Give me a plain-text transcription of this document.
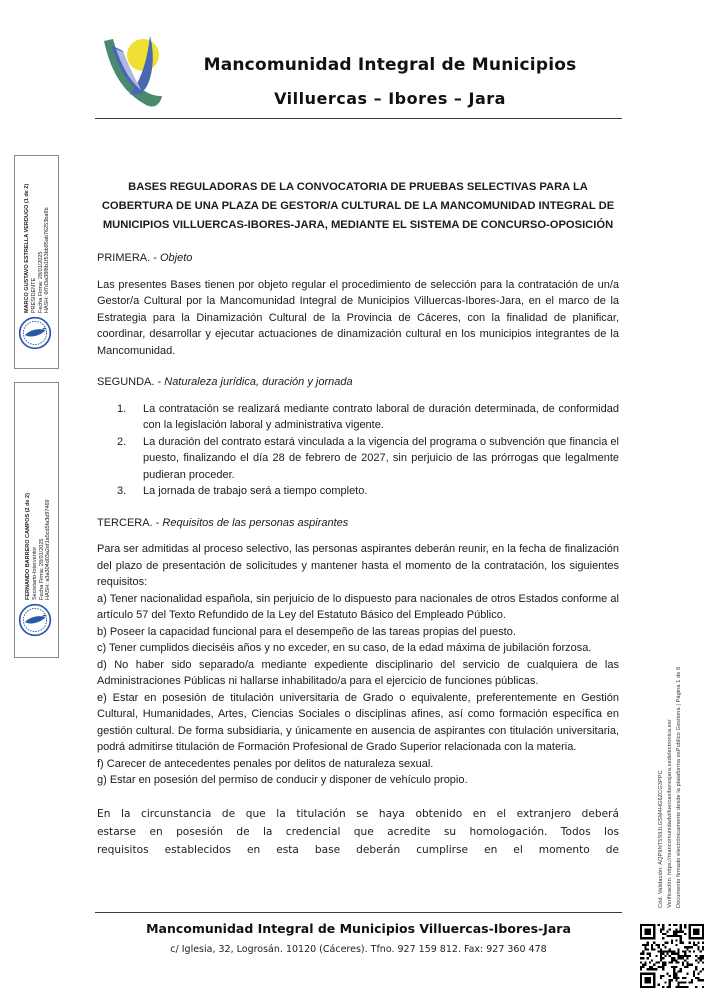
Mancomunidad Integral de Municipios
Villuercas – Ibores – Jara
MARCO GUSTAVO ESTRELLA VERDUGO (1 de 2) PRESIDENTE Fecha Firma: 28/01/2025 HASH: 6f7d3a38f8b1f53bb95ab76253ba9b
FERNANDO BARRERO CAMPOS (2 de 2) Secretario-Interventor Fecha Firma: 28/01/2025 HASH: a3a304d03a2ef1a5cd5fa3d97469
BASES REGULADORAS DE LA CONVOCATORIA DE PRUEBAS SELECTIVAS PARA LA COBERTURA DE UNA PLAZA DE GESTOR/A CULTURAL DE LA MANCOMUNIDAD INTEGRAL DE MUNICIPIOS VILLUERCAS-IBORES-JARA, MEDIANTE EL SISTEMA DE CONCURSO-OPOSICIÓN
PRIMERA. - Objeto
Las presentes Bases tienen por objeto regular el procedimiento de selección para la contratación de un/a Gestor/a Cultural por la Mancomunidad Integral de Municipios Villuercas-Ibores-Jara, en el marco de la Estrategia para la Dinamización Cultural de la Provincia de Cáceres, con la finalidad de planificar, coordinar, desarrollar y ejecutar actuaciones de dinamización cultural en los municipios integrantes de la Mancomunidad.
SEGUNDA. - Naturaleza jurídica, duración y jornada
1.	La contratación se realizará mediante contrato laboral de duración determinada, de conformidad con la legislación laboral y administrativa vigente.
2.	La duración del contrato estará vinculada a la vigencia del programa o subvención que financia el puesto, finalizando el día 28 de febrero de 2027, sin perjuicio de las prórrogas que legalmente pudieran proceder.
3.	La jornada de trabajo será a tiempo completo.
TERCERA. - Requisitos de las personas aspirantes
Para ser admitidas al proceso selectivo, las personas aspirantes deberán reunir, en la fecha de finalización del plazo de presentación de solicitudes y mantener hasta el momento de la contratación, los siguientes requisitos:

a) Tener nacionalidad española, sin perjuicio de lo dispuesto para nacionales de otros Estados conforme al artículo 57 del Texto Refundido de la Ley del Estatuto Básico del Empleado Público.

b) Poseer la capacidad funcional para el desempeño de las tareas propias del puesto.

c) Tener cumplidos dieciséis años y no exceder, en su caso, de la edad máxima de jubilación forzosa.

d) No haber sido separado/a mediante expediente disciplinario del servicio de cualquiera de las Administraciones Públicas ni hallarse inhabilitado/a para el ejercicio de funciones públicas.

e) Estar en posesión de titulación universitaria de Grado o equivalente, preferentemente en Gestión Cultural, Humanidades, Artes, Ciencias Sociales o disciplinas afines, así como formación específica en gestión cultural. De forma subsidiaria, y únicamente en ausencia de aspirantes con titulación universitaria, podrá admitirse titulación de Formación Profesional de Grado Superior relacionada con la materia.

f) Carecer de antecedentes penales por delitos de naturaleza sexual.

g) Estar en posesión del permiso de conducir y disponer de vehículo propio.

En la circunstancia de que la titulación se haya obtenido en el extranjero deberá
estarse en posesión de la credencial que acredite su homologación. Todos los
requisitos establecidos en esta base deberán cumplirse en el momento de
Mancomunidad Integral de Municipios Villuercas-Ibores-Jara
c/ Iglesia, 32, Logrosán. 10120 (Cáceres). Tfno. 927 159 812. Fax: 927 360 478
Cód. Validación: AQP9NT5S9JLGSM4HG6ZCG3PPC Verificación: https://mancomunidadvilluercasiboresjara.sedelectronica.es/ Documento firmado electrónicamente desde la plataforma esPublico Gestiona | Página 1 de 6
